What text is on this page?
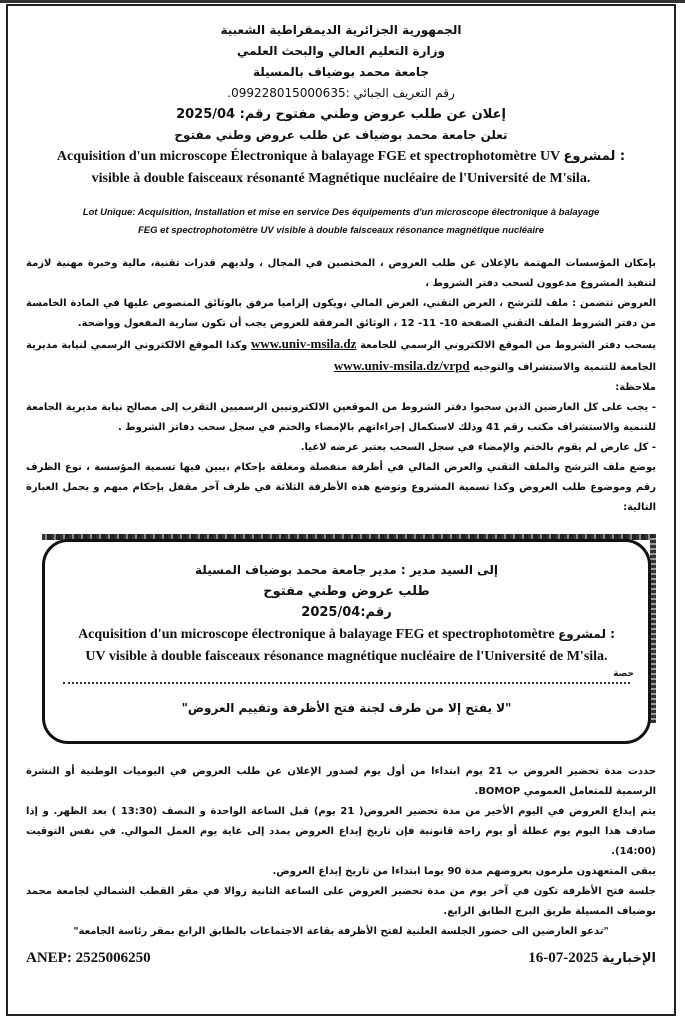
الجمهورية الجزائرية الديمقراطية الشعبية
وزارة التعليم العالي والبحث العلمي
جامعة محمد بوضياف بالمسيلة
رقم التعريف الجبائي :099228015000635.
إعلان عن طلب عروض وطني مفتوح رقم: 2025/04
تعلن جامعة محمد بوضياف عن طلب عروض وطني مفتوح
Acquisition d'un microscope Électronique à balayage FGE et spectrophotomètre UV لمشروع :
visible à double faisceaux résonanté Magnétique nucléaire de l'Université de M'sila.
Lot Unique: Acquisition, Installation et mise en service Des équipements d'un microscope électronique à balayage
FEG et spectrophotomètre UV visible à double faisceaux résonance magnétique nucléaire

بإمكان المؤسسات المهتمة بالإعلان عن طلب العروض ، المختصين في المجال ، ولديهم قدرات تقنية، مالية وخبرة مهنية لازمة لتنفيذ المشروع مدعوون لسحب دفتر الشروط ،

العروض تتضمن : ملف للترشح ، العرض التقني، العرض المالي ،ويكون إلزاميا مرفق بالوثائق المنصوص عليها في المادة الخامسة من دفتر الشروط الملف التقني الصفحة 10- 11- 12 ، الوثائق المرفقة للعروض يجب أن تكون سارية المفعول وواضحة.

يسحب دفتر الشروط من الموقع الالكتروني الرسمي للجامعة www.univ-msila.dz وكذا الموقع الالكتروني الرسمي لنيابة مديرية الجامعة للتنمية والاستشراف والتوجيه www.univ-msila.dz/vrpd

ملاحظة:

- يجب على كل العارضين الذين سحبوا دفتر الشروط من الموقعين الالكترونيين الرسميين التقرب إلى مصالح نيابة مديرية الجامعة للتنمية والاستشراف مكتب رقم 41 وذلك لاستكمال إجراءاتهم بالإمضاء والختم في سجل سحب دفاتر الشروط .

- كل عارض لم يقوم بالختم والإمضاء في سجل السحب يعتبر عرضه لاغيا.

يوضع ملف الترشح والملف التقني والعرض المالي في أظرفة منفصلة ومغلقة بإحكام ،يبين فيها تسمية المؤسسة ، نوع الظرف رقم وموضوع طلب العروض وكذا تسمية المشروع وتوضع هذه الأظرفة الثلاثة في ظرف آخر مقفل بإحكام مبهم و يحمل العبارة التالية:

إلى السيد مدير : مدير جامعة محمد بوضياف المسيلة
طلب عروض وطني مفتوح
رقم:2025/04
Acquisition d'un microscope électronique à balayage FEG et spectrophotomètre لمشروع :
UV visible à double faisceaux résonance magnétique nucléaire de l'Université de M'sila.
حصة
"لا يفتح إلا من طرف لجنة فتح الأظرفة وتقييم العروض"

حددت مدة تحضير العروض ب 21 يوم ابتداءا من أول يوم لصدور الإعلان عن طلب العروض في اليوميات الوطنية أو النشرة الرسمية للمتعامل العمومي BOMOP.

يتم إيداع العروض في اليوم الأخير من مدة تحضير العروض( 21 يوم) قبل الساعة الواحدة و النصف (13:30 ) بعد الظهر. و إذا صادف هذا اليوم يوم عطلة أو يوم راحة قانونية فإن تاريخ إيداع العروض يمدد إلى غاية يوم العمل الموالي. في نفس التوقيت (14:00).

يبقى المتعهدون ملزمون بعروضهم مدة 90 يوما ابتداءا من تاريخ إيداع العروض.

جلسة فتح الأظرفة تكون في آخر يوم من مدة تحضير العروض على الساعة الثانية زوالا في مقر القطب الشمالي لجامعة محمد بوضياف المسيلة طريق البرج الطابق الرابع.

"تدعو العارضين الى حضور الجلسة العلنية لفتح الأظرفة بقاعة الاجتماعات بالطابق الرابع بمقر رئاسة الجامعة"

ANEP: 2525006250	الإخبارية 2025-07-16
